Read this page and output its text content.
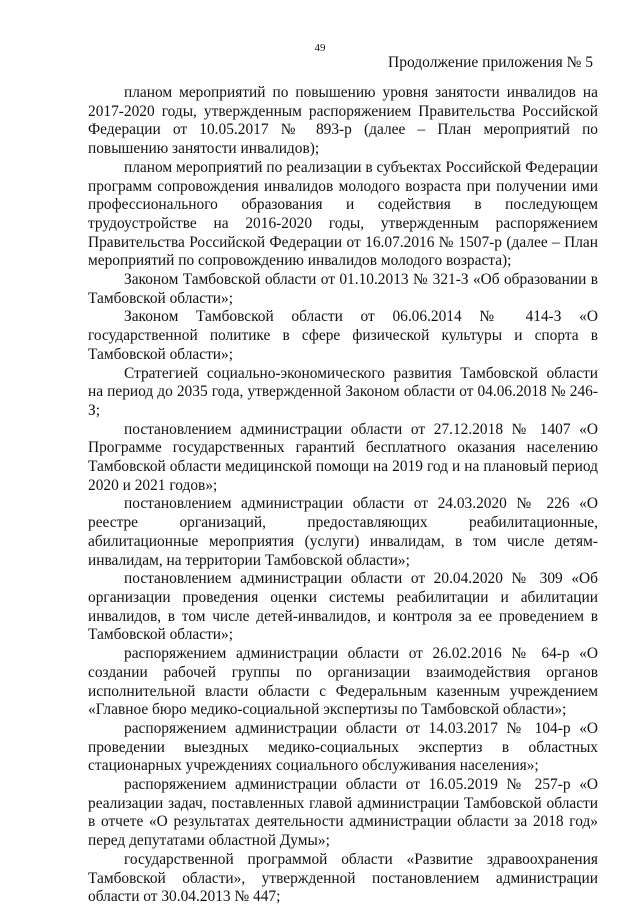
49
Продолжение приложения № 5

планом мероприятий по повышению уровня занятости инвалидов на 2017-2020 годы, утвержденным распоряжением Правительства Российской Федерации от 10.05.2017 № 893-р (далее – План мероприятий по повышению занятости инвалидов);

планом мероприятий по реализации в субъектах Российской Федерации программ сопровождения инвалидов молодого возраста при получении ими профессионального образования и содействия в последующем трудоустройстве на 2016-2020 годы, утвержденным распоряжением Правительства Российской Федерации от 16.07.2016 № 1507-р (далее – План мероприятий по сопровождению инвалидов молодого возраста);

Законом Тамбовской области от 01.10.2013 № 321-З «Об образовании в Тамбовской области»;

Законом Тамбовской области от 06.06.2014 № 414-З «О государственной политике в сфере физической культуры и спорта в Тамбовской области»;

Стратегией социально-экономического развития Тамбовской области на период до 2035 года, утвержденной Законом области от 04.06.2018 № 246-З;

постановлением администрации области от 27.12.2018 № 1407 «О Программе государственных гарантий бесплатного оказания населению Тамбовской области медицинской помощи на 2019 год и на плановый период 2020 и 2021 годов»;

постановлением администрации области от 24.03.2020 № 226 «О реестре организаций, предоставляющих реабилитационные, абилитационные мероприятия (услуги) инвалидам, в том числе детям-инвалидам, на территории Тамбовской области»;

постановлением администрации области от 20.04.2020 № 309 «Об организации проведения оценки системы реабилитации и абилитации инвалидов, в том числе детей-инвалидов, и контроля за ее проведением в Тамбовской области»;

распоряжением администрации области от 26.02.2016 № 64-р «О создании рабочей группы по организации взаимодействия органов исполнительной власти области с Федеральным казенным учреждением «Главное бюро медико-социальной экспертизы по Тамбовской области»;

распоряжением администрации области от 14.03.2017 № 104-р «О проведении выездных медико-социальных экспертиз в областных стационарных учреждениях социального обслуживания населения»;

распоряжением администрации области от 16.05.2019 № 257-р «О реализации задач, поставленных главой администрации Тамбовской области в отчете «О результатах деятельности администрации области за 2018 год» перед депутатами областной Думы»;

государственной программой области «Развитие здравоохранения Тамбовской области», утвержденной постановлением администрации области от 30.04.2013 № 447;
